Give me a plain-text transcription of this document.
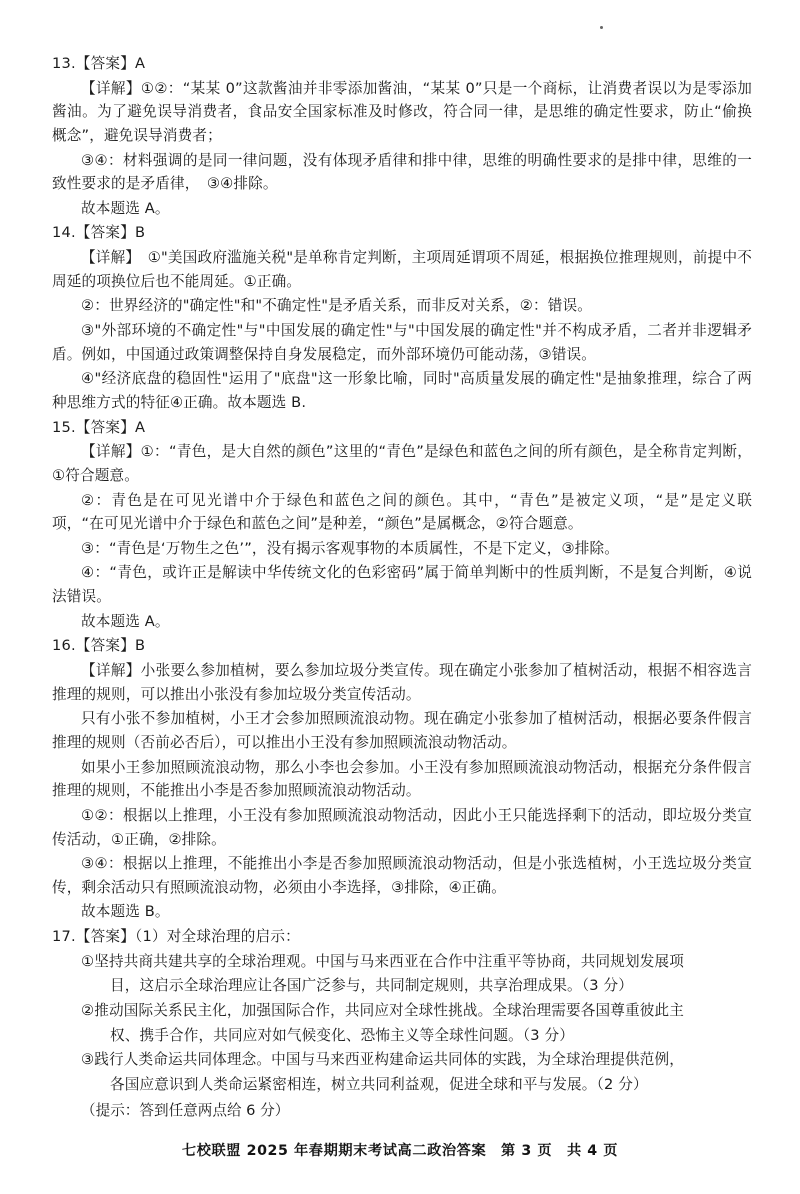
13.【答案】A
【详解】①②：“某某 0”这款酱油并非零添加酱油，“某某 0”只是一个商标，让消费者误以为是零添加酱油。为了避免误导消费者，食品安全国家标准及时修改，符合同一律，是思维的确定性要求，防止“偷换概念”，避免误导消费者；
③④：材料强调的是同一律问题，没有体现矛盾律和排中律，思维的明确性要求的是排中律，思维的一致性要求的是矛盾律，　③④排除。
故本题选 A。
14.【答案】B
【详解】　①"美国政府滥施关税"是单称肯定判断，主项周延谓项不周延，根据换位推理规则，前提中不周延的项换位后也不能周延。①正确。
②：世界经济的"确定性"和"不确定性"是矛盾关系，而非反对关系，②：错误。
③"外部环境的不确定性"与"中国发展的确定性"与"中国发展的确定性"并不构成矛盾，二者并非逻辑矛盾。例如，中国通过政策调整保持自身发展稳定，而外部环境仍可能动荡，③错误。
④"经济底盘的稳固性"运用了"底盘"这一形象比喻，同时"高质量发展的确定性"是抽象推理，综合了两种思维方式的特征④正确。故本题选 B.
15.【答案】A
【详解】①：“青色，是大自然的颜色”这里的“青色”是绿色和蓝色之间的所有颜色，是全称肯定判断，①符合题意。
②：青色是在可见光谱中介于绿色和蓝色之间的颜色。其中，“青色”是被定义项，“是”是定义联项，“在可见光谱中介于绿色和蓝色之间”是种差，“颜色”是属概念，②符合题意。
③：“青色是‘万物生之色’”，没有揭示客观事物的本质属性，不是下定义，③排除。
④：“青色，或许正是解读中华传统文化的色彩密码”属于简单判断中的性质判断，不是复合判断，④说法错误。
故本题选 A。
16.【答案】B
【详解】小张要么参加植树，要么参加垃圾分类宣传。现在确定小张参加了植树活动，根据不相容选言推理的规则，可以推出小张没有参加垃圾分类宣传活动。
只有小张不参加植树，小王才会参加照顾流浪动物。现在确定小张参加了植树活动，根据必要条件假言推理的规则（否前必否后），可以推出小王没有参加照顾流浪动物活动。
如果小王参加照顾流浪动物，那么小李也会参加。小王没有参加照顾流浪动物活动，根据充分条件假言推理的规则，不能推出小李是否参加照顾流浪动物活动。
①②：根据以上推理，小王没有参加照顾流浪动物活动，因此小王只能选择剩下的活动，即垃圾分类宣传活动，①正确，②排除。
③④：根据以上推理，不能推出小李是否参加照顾流浪动物活动，但是小张选植树，小王选垃圾分类宣传，剩余活动只有照顾流浪动物，必须由小李选择，③排除，④正确。
故本题选 B。
17.【答案】（1）对全球治理的启示：
①坚持共商共建共享的全球治理观。中国与马来西亚在合作中注重平等协商，共同规划发展项
目，这启示全球治理应让各国广泛参与，共同制定规则，共享治理成果。（3 分）
②推动国际关系民主化，加强国际合作，共同应对全球性挑战。全球治理需要各国尊重彼此主
权、携手合作，共同应对如气候变化、恐怖主义等全球性问题。（3 分）
③践行人类命运共同体理念。中国与马来西亚构建命运共同体的实践，为全球治理提供范例，
各国应意识到人类命运紧密相连，树立共同利益观，促进全球和平与发展。（2 分）
（提示：答到任意两点给 6 分）
七校联盟 2025 年春期期末考试高二政治答案　第 3 页　共 4 页
